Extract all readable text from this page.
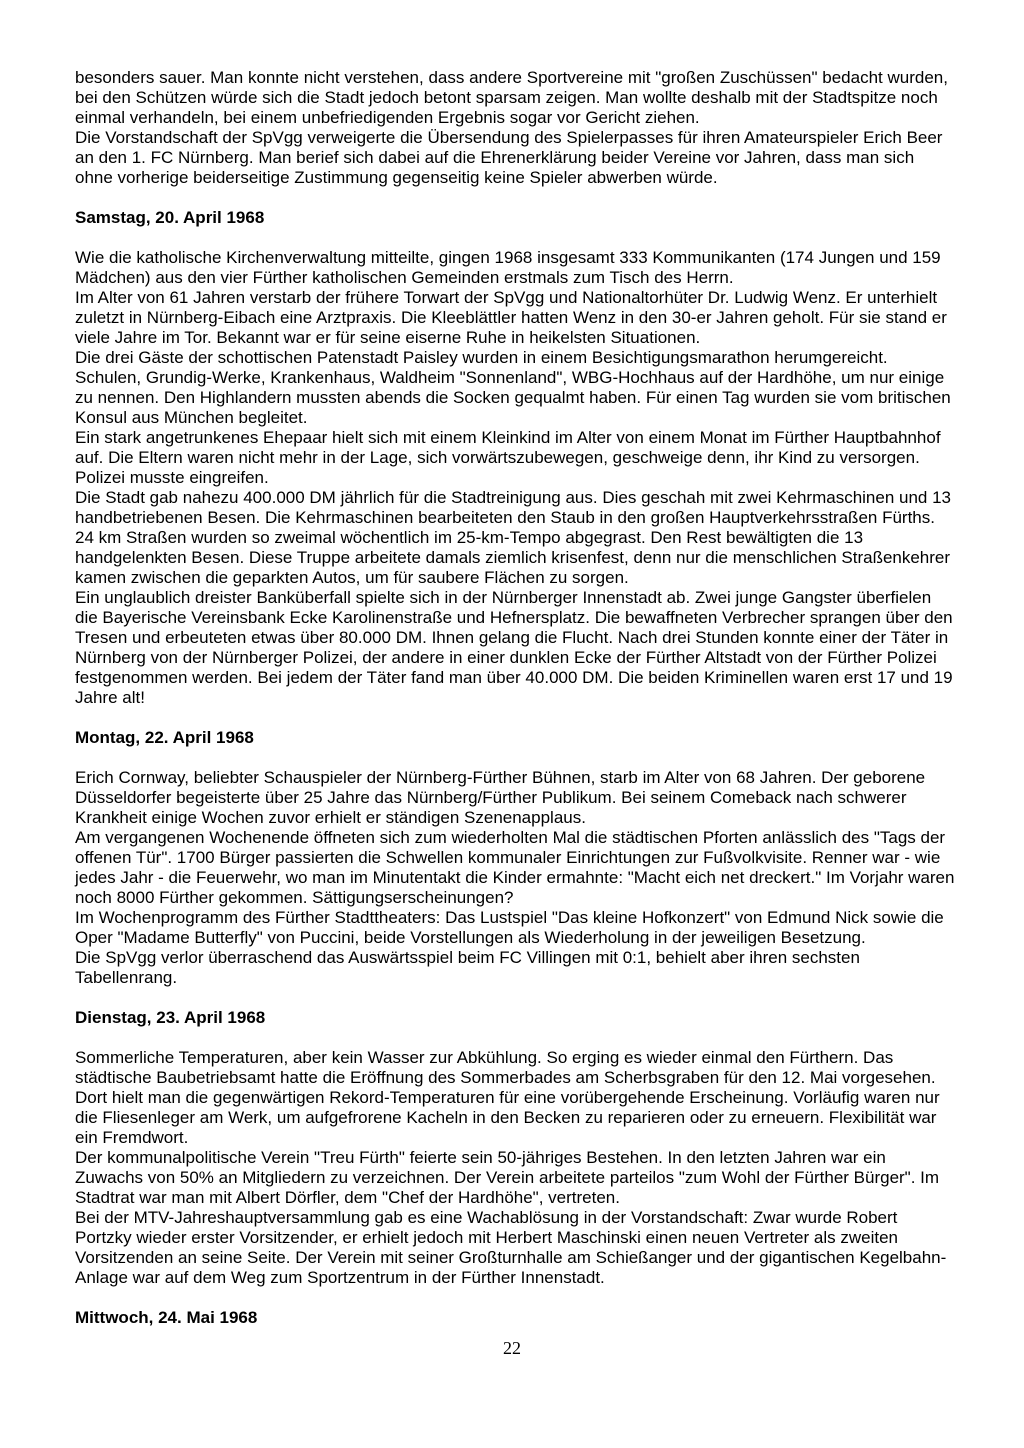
besonders sauer. Man konnte nicht verstehen, dass andere Sportvereine mit "großen Zuschüssen" bedacht wurden, bei den Schützen würde sich die Stadt jedoch betont sparsam zeigen. Man wollte deshalb mit der Stadtspitze noch einmal verhandeln, bei einem unbefriedigenden Ergebnis sogar vor Gericht ziehen.

Die Vorstandschaft der SpVgg verweigerte die Übersendung des Spielerpasses für ihren Amateurspieler Erich Beer an den 1. FC Nürnberg. Man berief sich dabei auf die Ehrenerklärung beider Vereine vor Jahren, dass man sich ohne vorherige beiderseitige Zustimmung gegenseitig keine Spieler abwerben würde.

Samstag, 20. April 1968

Wie die katholische Kirchenverwaltung mitteilte, gingen 1968 insgesamt 333 Kommunikanten (174 Jungen und 159 Mädchen) aus den vier Fürther katholischen Gemeinden erstmals zum Tisch des Herrn.

Im Alter von 61 Jahren verstarb der frühere Torwart der SpVgg und Nationaltorhüter Dr. Ludwig Wenz. Er unterhielt zuletzt in Nürnberg-Eibach eine Arztpraxis. Die Kleeblättler hatten Wenz in den 30-er Jahren geholt. Für sie stand er viele Jahre im Tor. Bekannt war er für seine eiserne Ruhe in heikelsten Situationen.

Die drei Gäste der schottischen Patenstadt Paisley wurden in einem Besichtigungsmarathon herumgereicht. Schulen, Grundig-Werke, Krankenhaus, Waldheim "Sonnenland", WBG-Hochhaus auf der Hardhöhe, um nur einige zu nennen. Den Highlandern mussten abends die Socken gequalmt haben. Für einen Tag wurden sie vom britischen Konsul aus München begleitet.

Ein stark angetrunkenes Ehepaar hielt sich mit einem Kleinkind im Alter von einem Monat im Fürther Hauptbahnhof auf. Die Eltern waren nicht mehr in der Lage, sich vorwärtszubewegen, geschweige denn, ihr Kind zu versorgen. Polizei musste eingreifen.

Die Stadt gab nahezu 400.000 DM jährlich für die Stadtreinigung aus. Dies geschah mit zwei Kehrmaschinen und 13 handbetriebenen Besen. Die Kehrmaschinen bearbeiteten den Staub in den großen Hauptverkehrsstraßen Fürths. 24 km Straßen wurden so zweimal wöchentlich im 25-km-Tempo abgegrast. Den Rest bewältigten die 13 handgelenkten Besen. Diese Truppe arbeitete damals ziemlich krisenfest, denn nur die menschlichen Straßenkehrer kamen zwischen die geparkten Autos, um für saubere Flächen zu sorgen.

Ein unglaublich dreister Banküberfall spielte sich in der Nürnberger Innenstadt ab. Zwei junge Gangster überfielen die Bayerische Vereinsbank Ecke Karolinenstraße und Hefnersplatz. Die bewaffneten Verbrecher sprangen über den Tresen und erbeuteten etwas über 80.000 DM. Ihnen gelang die Flucht. Nach drei Stunden konnte einer der Täter in Nürnberg von der Nürnberger Polizei, der andere in einer dunklen Ecke der Fürther Altstadt von der Fürther Polizei festgenommen werden. Bei jedem der Täter fand man über 40.000 DM. Die beiden Kriminellen waren erst 17 und 19 Jahre alt!

Montag, 22. April 1968

Erich Cornway, beliebter Schauspieler der Nürnberg-Fürther Bühnen, starb im Alter von 68 Jahren. Der geborene Düsseldorfer begeisterte über 25 Jahre das Nürnberg/Fürther Publikum. Bei seinem Comeback nach schwerer Krankheit einige Wochen zuvor erhielt er ständigen Szenenapplaus.

Am vergangenen Wochenende öffneten sich zum wiederholten Mal die städtischen Pforten anlässlich des "Tags der offenen Tür". 1700 Bürger passierten die Schwellen kommunaler Einrichtungen zur Fußvolkvisite. Renner war - wie jedes Jahr - die Feuerwehr, wo man im Minutentakt die Kinder ermahnte: "Macht eich net dreckert." Im Vorjahr waren noch 8000 Fürther gekommen. Sättigungserscheinungen?

Im Wochenprogramm des Fürther Stadttheaters: Das Lustspiel "Das kleine Hofkonzert" von Edmund Nick sowie die Oper "Madame Butterfly" von Puccini, beide Vorstellungen als Wiederholung in der jeweiligen Besetzung.

Die SpVgg verlor überraschend das Auswärtsspiel beim FC Villingen mit 0:1, behielt aber ihren sechsten Tabellenrang.

Dienstag, 23. April 1968

Sommerliche Temperaturen, aber kein Wasser zur Abkühlung. So erging es wieder einmal den Fürthern. Das städtische Baubetriebsamt hatte die Eröffnung des Sommerbades am Scherbsgraben für den 12. Mai vorgesehen. Dort hielt man die gegenwärtigen Rekord-Temperaturen für eine vorübergehende Erscheinung. Vorläufig waren nur die Fliesenleger am Werk, um aufgefrorene Kacheln in den Becken zu reparieren oder zu erneuern. Flexibilität war ein Fremdwort.

Der kommunalpolitische Verein "Treu Fürth" feierte sein 50-jähriges Bestehen. In den letzten Jahren war ein Zuwachs von 50% an Mitgliedern zu verzeichnen. Der Verein arbeitete parteilos "zum Wohl der Fürther Bürger". Im Stadtrat war man mit Albert Dörfler, dem "Chef der Hardhöhe", vertreten.

Bei der MTV-Jahreshauptversammlung gab es eine Wachablösung in der Vorstandschaft: Zwar wurde Robert Portzky wieder erster Vorsitzender, er erhielt jedoch mit Herbert Maschinski einen neuen Vertreter als zweiten Vorsitzenden an seine Seite. Der Verein mit seiner Großturnhalle am Schießanger und der gigantischen Kegelbahn-Anlage war auf dem Weg zum Sportzentrum in der Fürther Innenstadt.

Mittwoch, 24. Mai 1968
22
